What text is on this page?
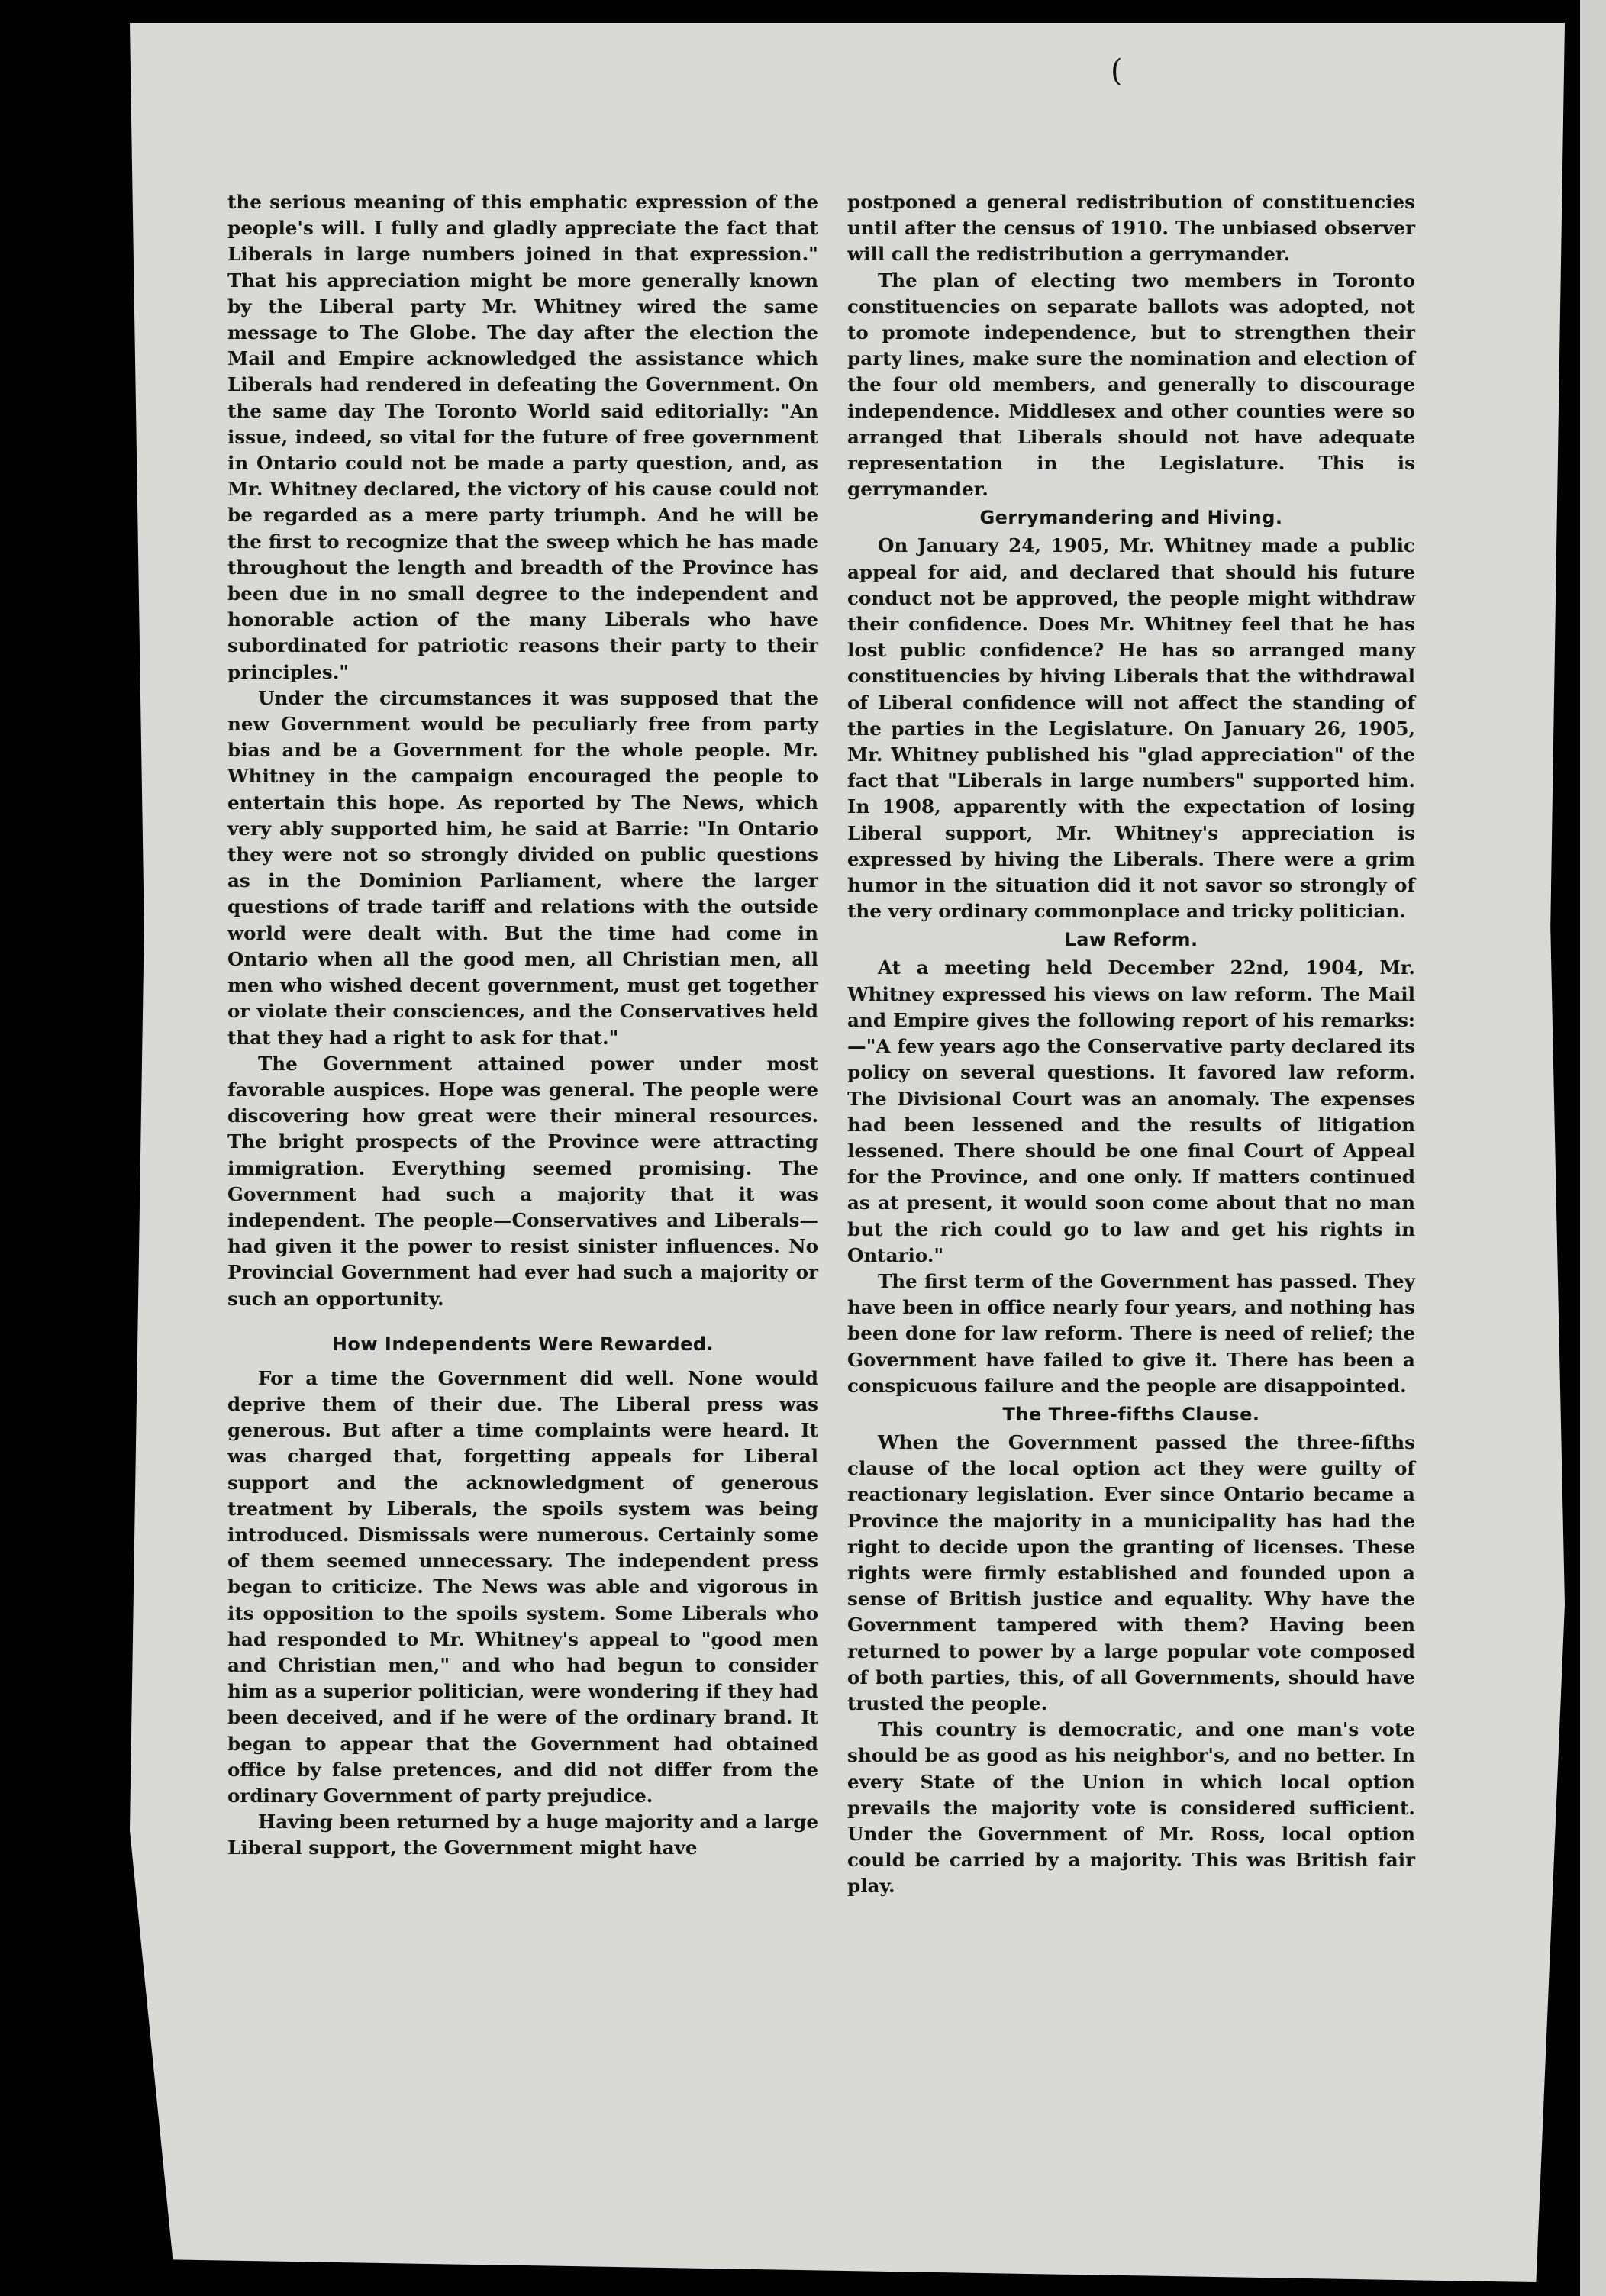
(

the serious meaning of this emphatic expression of the people's will. I fully and gladly appreciate the fact that Liberals in large numbers joined in that expression." That his appreciation might be more generally known by the Liberal party Mr. Whitney wired the same message to The Globe. The day after the election the Mail and Empire acknowledged the assistance which Liberals had rendered in defeating the Government. On the same day The Toronto World said editorially: "An issue, indeed, so vital for the future of free government in Ontario could not be made a party question, and, as Mr. Whitney declared, the victory of his cause could not be regarded as a mere party triumph. And he will be the first to recognize that the sweep which he has made throughout the length and breadth of the Province has been due in no small degree to the independent and honorable action of the many Liberals who have subordinated for patriotic reasons their party to their principles."

Under the circumstances it was supposed that the new Government would be peculiarly free from party bias and be a Government for the whole people. Mr. Whitney in the campaign encouraged the people to entertain this hope. As reported by The News, which very ably supported him, he said at Barrie: "In Ontario they were not so strongly divided on public questions as in the Dominion Parliament, where the larger questions of trade tariff and relations with the outside world were dealt with. But the time had come in Ontario when all the good men, all Christian men, all men who wished decent government, must get together or violate their consciences, and the Conservatives held that they had a right to ask for that."

The Government attained power under most favorable auspices. Hope was general. The people were discovering how great were their mineral resources. The bright prospects of the Province were attracting immigration. Everything seemed promising. The Government had such a majority that it was independent. The people—Conservatives and Liberals—had given it the power to resist sinister influences. No Provincial Government had ever had such a majority or such an opportunity.

How Independents Were Rewarded.

For a time the Government did well. None would deprive them of their due. The Liberal press was generous. But after a time complaints were heard. It was charged that, forgetting appeals for Liberal support and the acknowledgment of generous treatment by Liberals, the spoils system was being introduced. Dismissals were numerous. Certainly some of them seemed unnecessary. The independent press began to criticize. The News was able and vigorous in its opposition to the spoils system. Some Liberals who had responded to Mr. Whitney's appeal to "good men and Christian men," and who had begun to consider him as a superior politician, were wondering if they had been deceived, and if he were of the ordinary brand. It began to appear that the Government had obtained office by false pretences, and did not differ from the ordinary Government of party prejudice.

Having been returned by a huge majority and a large Liberal support, the Government might have

postponed a general redistribution of constituencies until after the census of 1910. The unbiased observer will call the redistribution a gerrymander.

The plan of electing two members in Toronto constituencies on separate ballots was adopted, not to promote independence, but to strengthen their party lines, make sure the nomination and election of the four old members, and generally to discourage independence. Middlesex and other counties were so arranged that Liberals should not have adequate representation in the Legislature. This is gerrymander.

Gerrymandering and Hiving.

On January 24, 1905, Mr. Whitney made a public appeal for aid, and declared that should his future conduct not be approved, the people might withdraw their confidence. Does Mr. Whitney feel that he has lost public confidence? He has so arranged many constituencies by hiving Liberals that the withdrawal of Liberal confidence will not affect the standing of the parties in the Legislature. On January 26, 1905, Mr. Whitney published his "glad appreciation" of the fact that "Liberals in large numbers" supported him. In 1908, apparently with the expectation of losing Liberal support, Mr. Whitney's appreciation is expressed by hiving the Liberals. There were a grim humor in the situation did it not savor so strongly of the very ordinary commonplace and tricky politician.

Law Reform.

At a meeting held December 22nd, 1904, Mr. Whitney expressed his views on law reform. The Mail and Empire gives the following report of his remarks:—"A few years ago the Conservative party declared its policy on several questions. It favored law reform. The Divisional Court was an anomaly. The expenses had been lessened and the results of litigation lessened. There should be one final Court of Appeal for the Province, and one only. If matters continued as at present, it would soon come about that no man but the rich could go to law and get his rights in Ontario."

The first term of the Government has passed. They have been in office nearly four years, and nothing has been done for law reform. There is need of relief; the Government have failed to give it. There has been a conspicuous failure and the people are disappointed.

The Three-fifths Clause.

When the Government passed the three-fifths clause of the local option act they were guilty of reactionary legislation. Ever since Ontario became a Province the majority in a municipality has had the right to decide upon the granting of licenses. These rights were firmly established and founded upon a sense of British justice and equality. Why have the Government tampered with them? Having been returned to power by a large popular vote composed of both parties, this, of all Governments, should have trusted the people.

This country is democratic, and one man's vote should be as good as his neighbor's, and no better. In every State of the Union in which local option prevails the majority vote is considered sufficient. Under the Government of Mr. Ross, local option could be carried by a majority. This was British fair play.
